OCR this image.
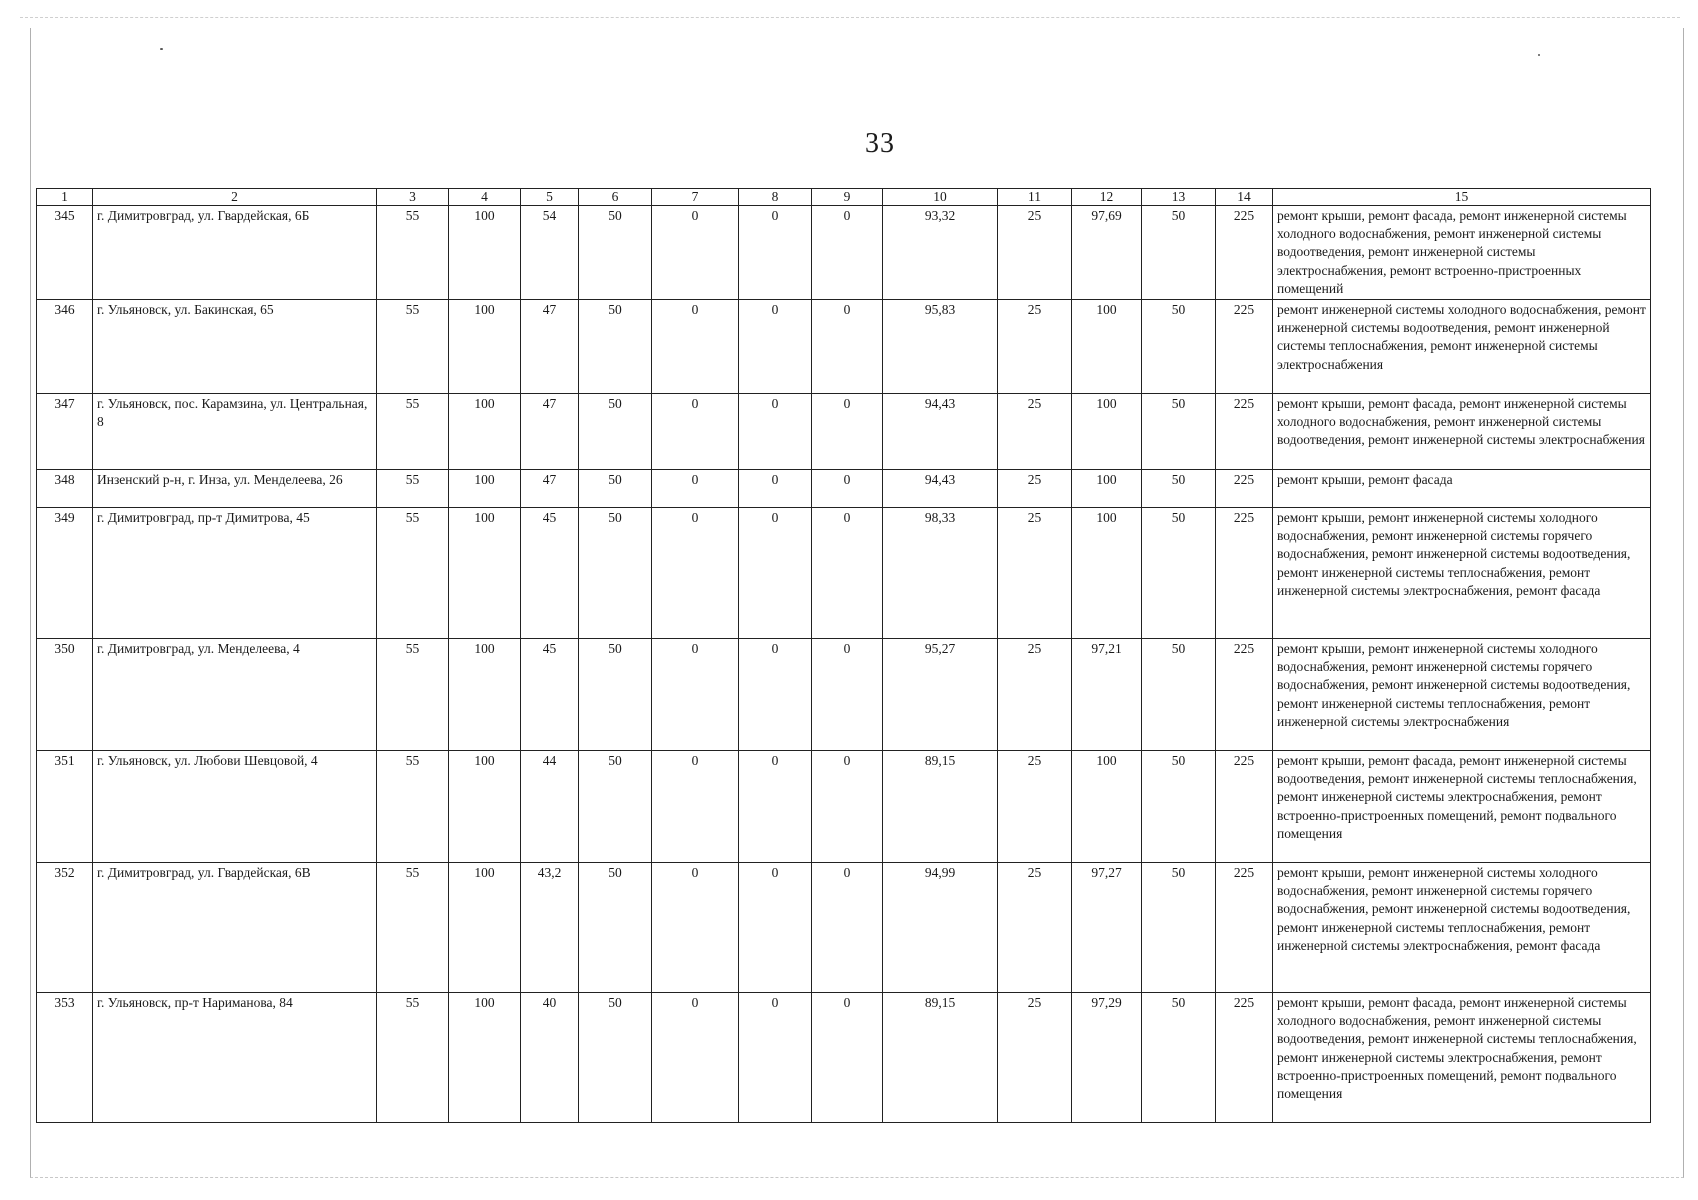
33
1	2	3	4	5	6	7	8	9	10	11	12	13	14	15
345	г. Димитровград, ул. Гвардейская, 6Б	55	100	54	50	0	0	0	93,32	25	97,69	50	225	ремонт крыши, ремонт фасада, ремонт инженерной системы холодного водоснабжения, ремонт инженерной системы водоотведения, ремонт инженерной системы электроснабжения, ремонт встроенно-пристроенных помещений
346	г. Ульяновск, ул. Бакинская, 65	55	100	47	50	0	0	0	95,83	25	100	50	225	ремонт инженерной системы холодного водоснабжения, ремонт инженерной системы водоотведения, ремонт инженерной системы теплоснабжения, ремонт инженерной системы электроснабжения
347	г. Ульяновск, пос. Карамзина, ул. Центральная, 8	55	100	47	50	0	0	0	94,43	25	100	50	225	ремонт крыши, ремонт фасада, ремонт инженерной системы холодного водоснабжения, ремонт инженерной системы водоотведения, ремонт инженерной системы электроснабжения
348	Инзенский р-н, г. Инза, ул. Менделеева, 26	55	100	47	50	0	0	0	94,43	25	100	50	225	ремонт крыши, ремонт фасада
349	г. Димитровград, пр-т Димитрова, 45	55	100	45	50	0	0	0	98,33	25	100	50	225	ремонт крыши, ремонт инженерной системы холодного водоснабжения, ремонт инженерной системы горячего водоснабжения, ремонт инженерной системы водоотведения, ремонт инженерной системы теплоснабжения, ремонт инженерной системы электроснабжения, ремонт фасада
350	г. Димитровград, ул. Менделеева, 4	55	100	45	50	0	0	0	95,27	25	97,21	50	225	ремонт крыши, ремонт инженерной системы холодного водоснабжения, ремонт инженерной системы горячего водоснабжения, ремонт инженерной системы водоотведения, ремонт инженерной системы теплоснабжения, ремонт инженерной системы электроснабжения
351	г. Ульяновск, ул. Любови Шевцовой, 4	55	100	44	50	0	0	0	89,15	25	100	50	225	ремонт крыши, ремонт фасада, ремонт инженерной системы водоотведения, ремонт инженерной системы теплоснабжения, ремонт инженерной системы электроснабжения, ремонт встроенно-пристроенных помещений, ремонт подвального помещения
352	г. Димитровград, ул. Гвардейская, 6В	55	100	43,2	50	0	0	0	94,99	25	97,27	50	225	ремонт крыши, ремонт инженерной системы холодного водоснабжения, ремонт инженерной системы горячего водоснабжения, ремонт инженерной системы водоотведения, ремонт инженерной системы теплоснабжения, ремонт инженерной системы электроснабжения, ремонт фасада
353	г. Ульяновск, пр-т Нариманова, 84	55	100	40	50	0	0	0	89,15	25	97,29	50	225	ремонт крыши, ремонт фасада, ремонт инженерной системы холодного водоснабжения, ремонт инженерной системы водоотведения, ремонт инженерной системы теплоснабжения, ремонт инженерной системы электроснабжения, ремонт встроенно-пристроенных помещений, ремонт подвального помещения
